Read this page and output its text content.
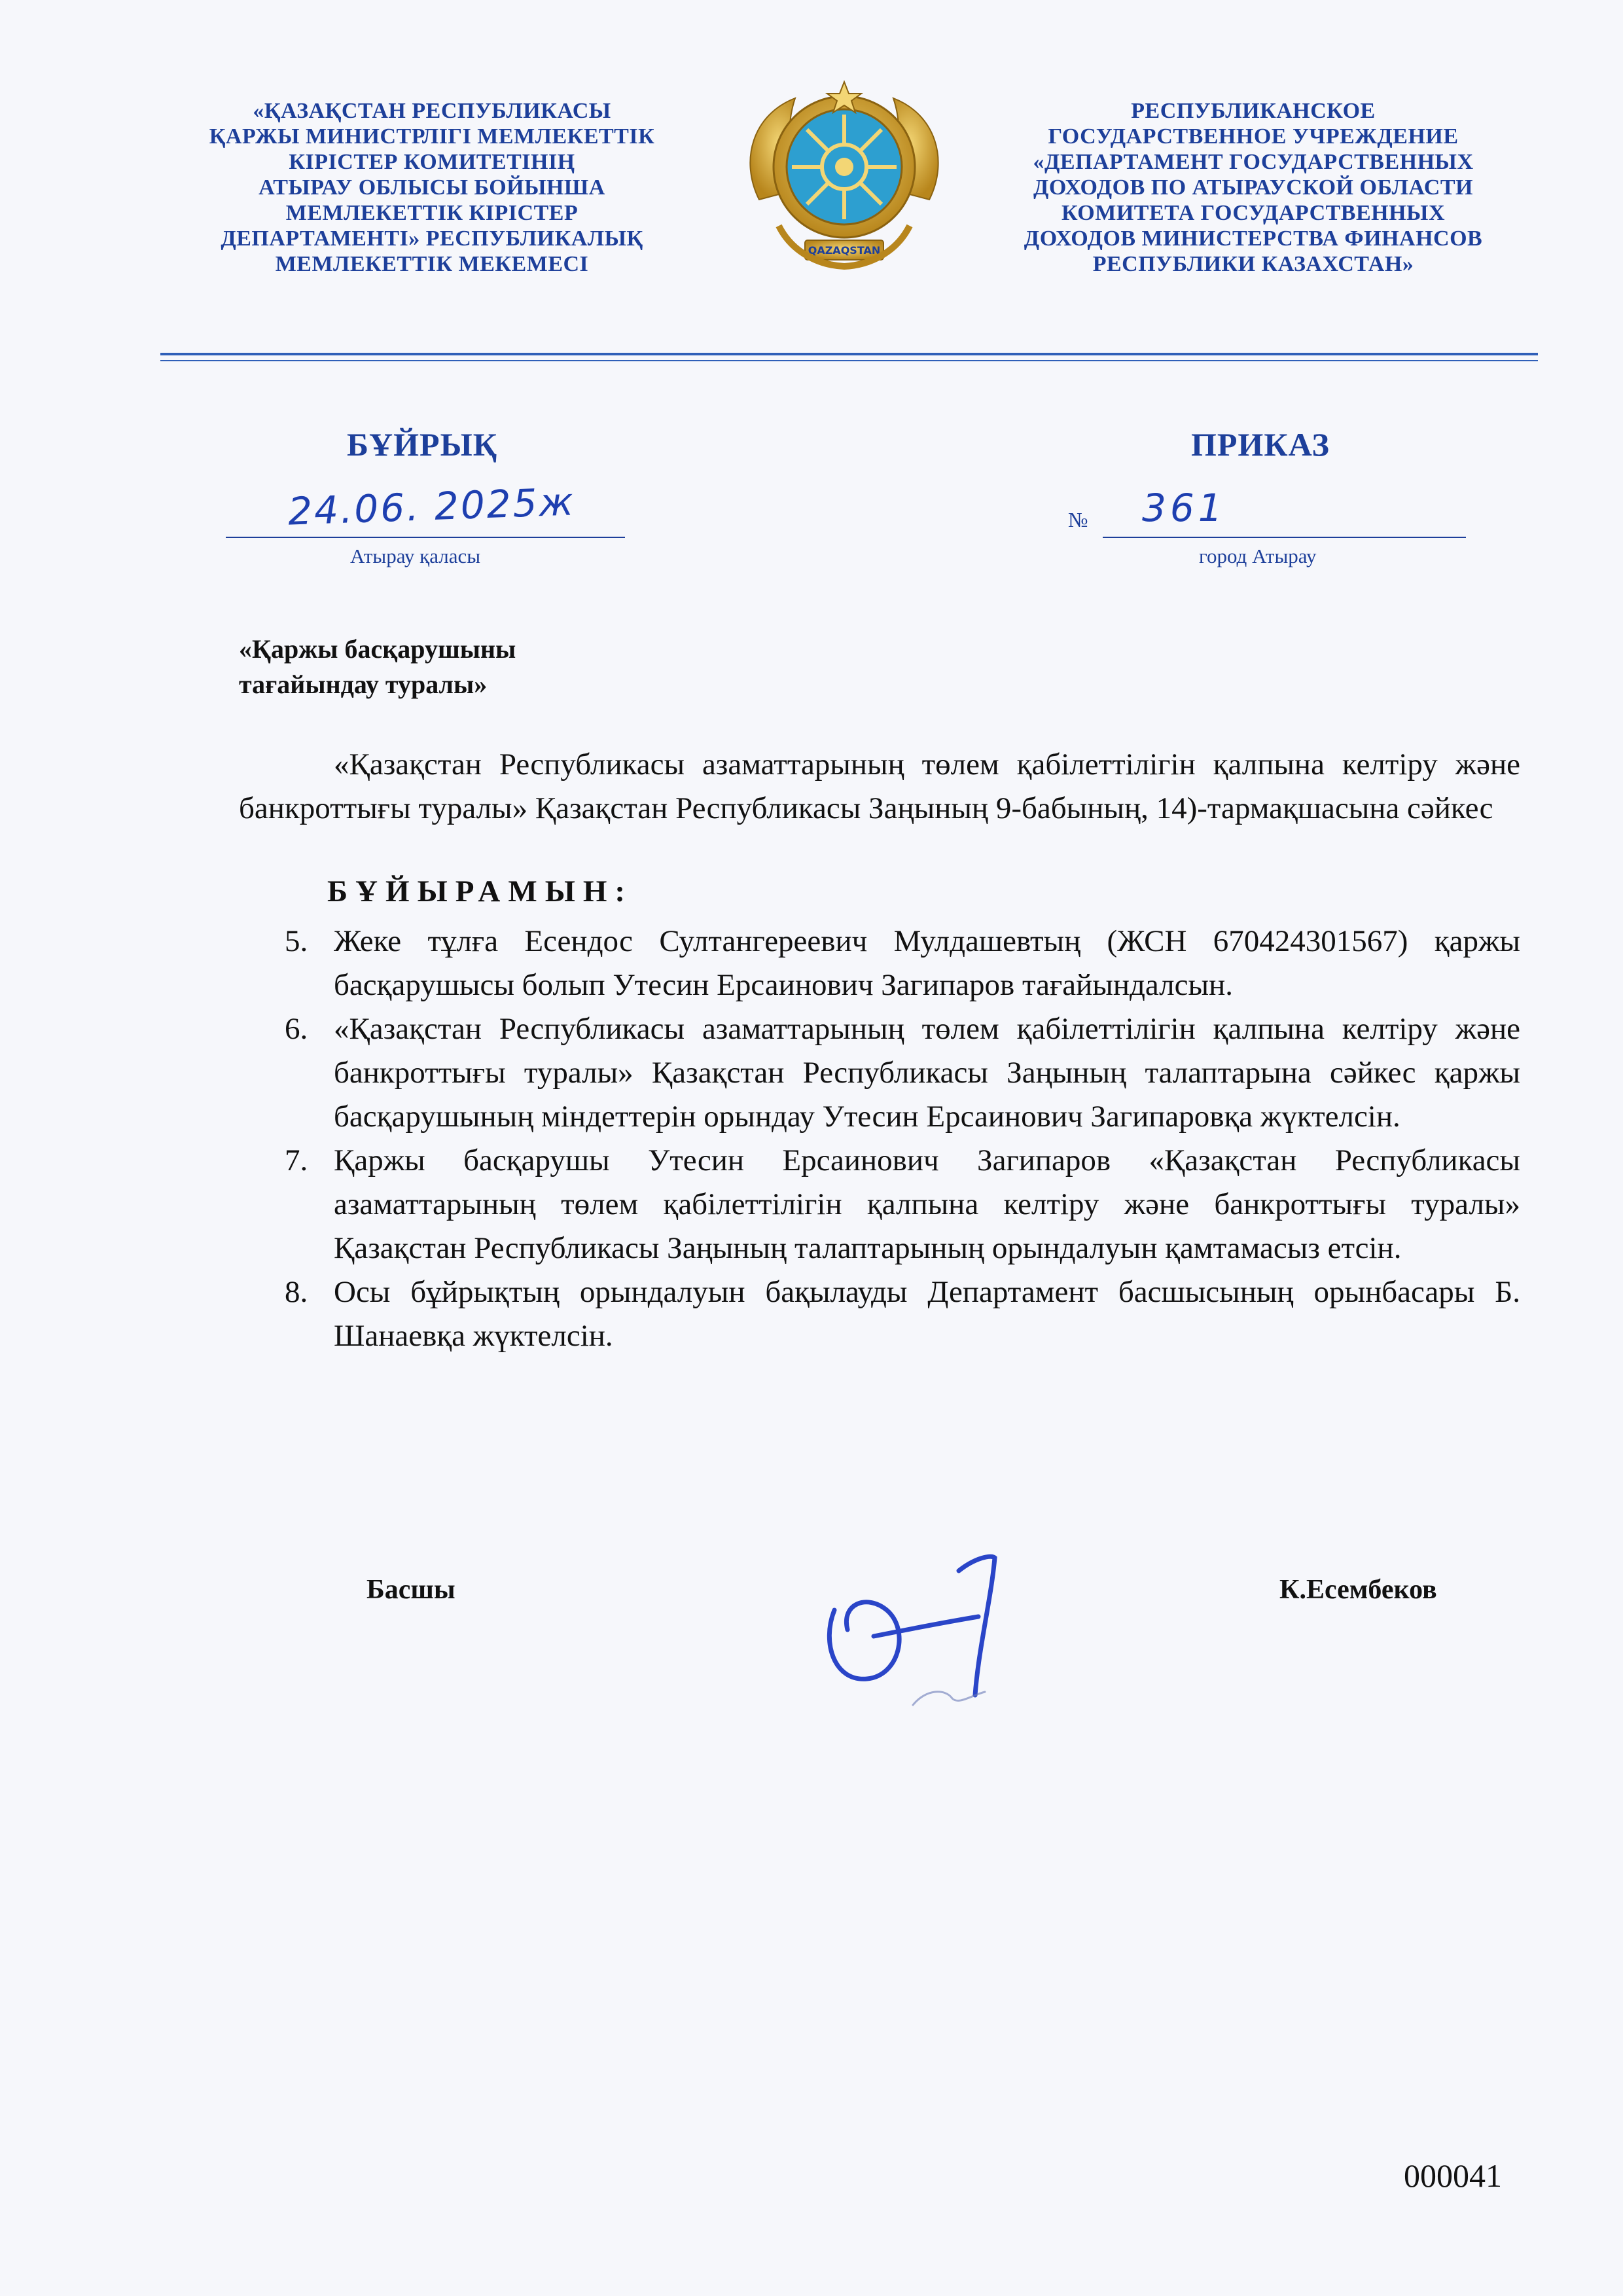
«ҚАЗАҚСТАН РЕСПУБЛИКАСЫ
ҚАРЖЫ МИНИСТРЛІГІ МЕМЛЕКЕТТІК
КІРІСТЕР КОМИТЕТІНІҢ
АТЫРАУ ОБЛЫСЫ БОЙЫНША
МЕМЛЕКЕТТІК КІРІСТЕР
ДЕПАРТАМЕНТІ» РЕСПУБЛИКАЛЫҚ
МЕМЛЕКЕТТІК МЕКЕМЕСІ
QAZAQSTAN
РЕСПУБЛИКАНСКОЕ
ГОСУДАРСТВЕННОЕ УЧРЕЖДЕНИЕ
«ДЕПАРТАМЕНТ ГОСУДАРСТВЕННЫХ
ДОХОДОВ ПО АТЫРАУСКОЙ ОБЛАСТИ
КОМИТЕТА ГОСУДАРСТВЕННЫХ
ДОХОДОВ МИНИСТЕРСТВА ФИНАНСОВ
РЕСПУБЛИКИ КАЗАХСТАН»
БҰЙРЫҚ	ПРИКАЗ
24.06. 2025ж
Атырау қаласы
№ 361
город Атырау
«Қаржы басқарушыны
тағайындау туралы»
«Қазақстан Республикасы азаматтарының төлем қабілеттілігін қалпына келтіру және банкроттығы туралы» Қазақстан Республикасы Заңының 9-бабының, 14)-тармақшасына сәйкес
БҰЙЫРАМЫН:
5. Жеке тұлға Есендос Султангереевич Мулдашевтың (ЖСН 670424301567) қаржы басқарушысы болып Утесин Ерсаинович Загипаров тағайындалсын.
6. «Қазақстан Республикасы азаматтарының төлем қабілеттілігін қалпына келтіру және банкроттығы туралы» Қазақстан Республикасы Заңының талаптарына сәйкес қаржы басқарушының міндеттерін орындау Утесин Ерсаинович Загипаровқа жүктелсін.
7. Қаржы басқарушы Утесин Ерсаинович Загипаров «Қазақстан Республикасы азаматтарының төлем қабілеттілігін қалпына келтіру және банкроттығы туралы» Қазақстан Республикасы Заңының талаптарының орындалуын қамтамасыз етсін.
8. Осы бұйрықтың орындалуын бақылауды Департамент басшысының орынбасары Б. Шанаевқа жүктелсін.
Басшы	К.Есембеков
000041
